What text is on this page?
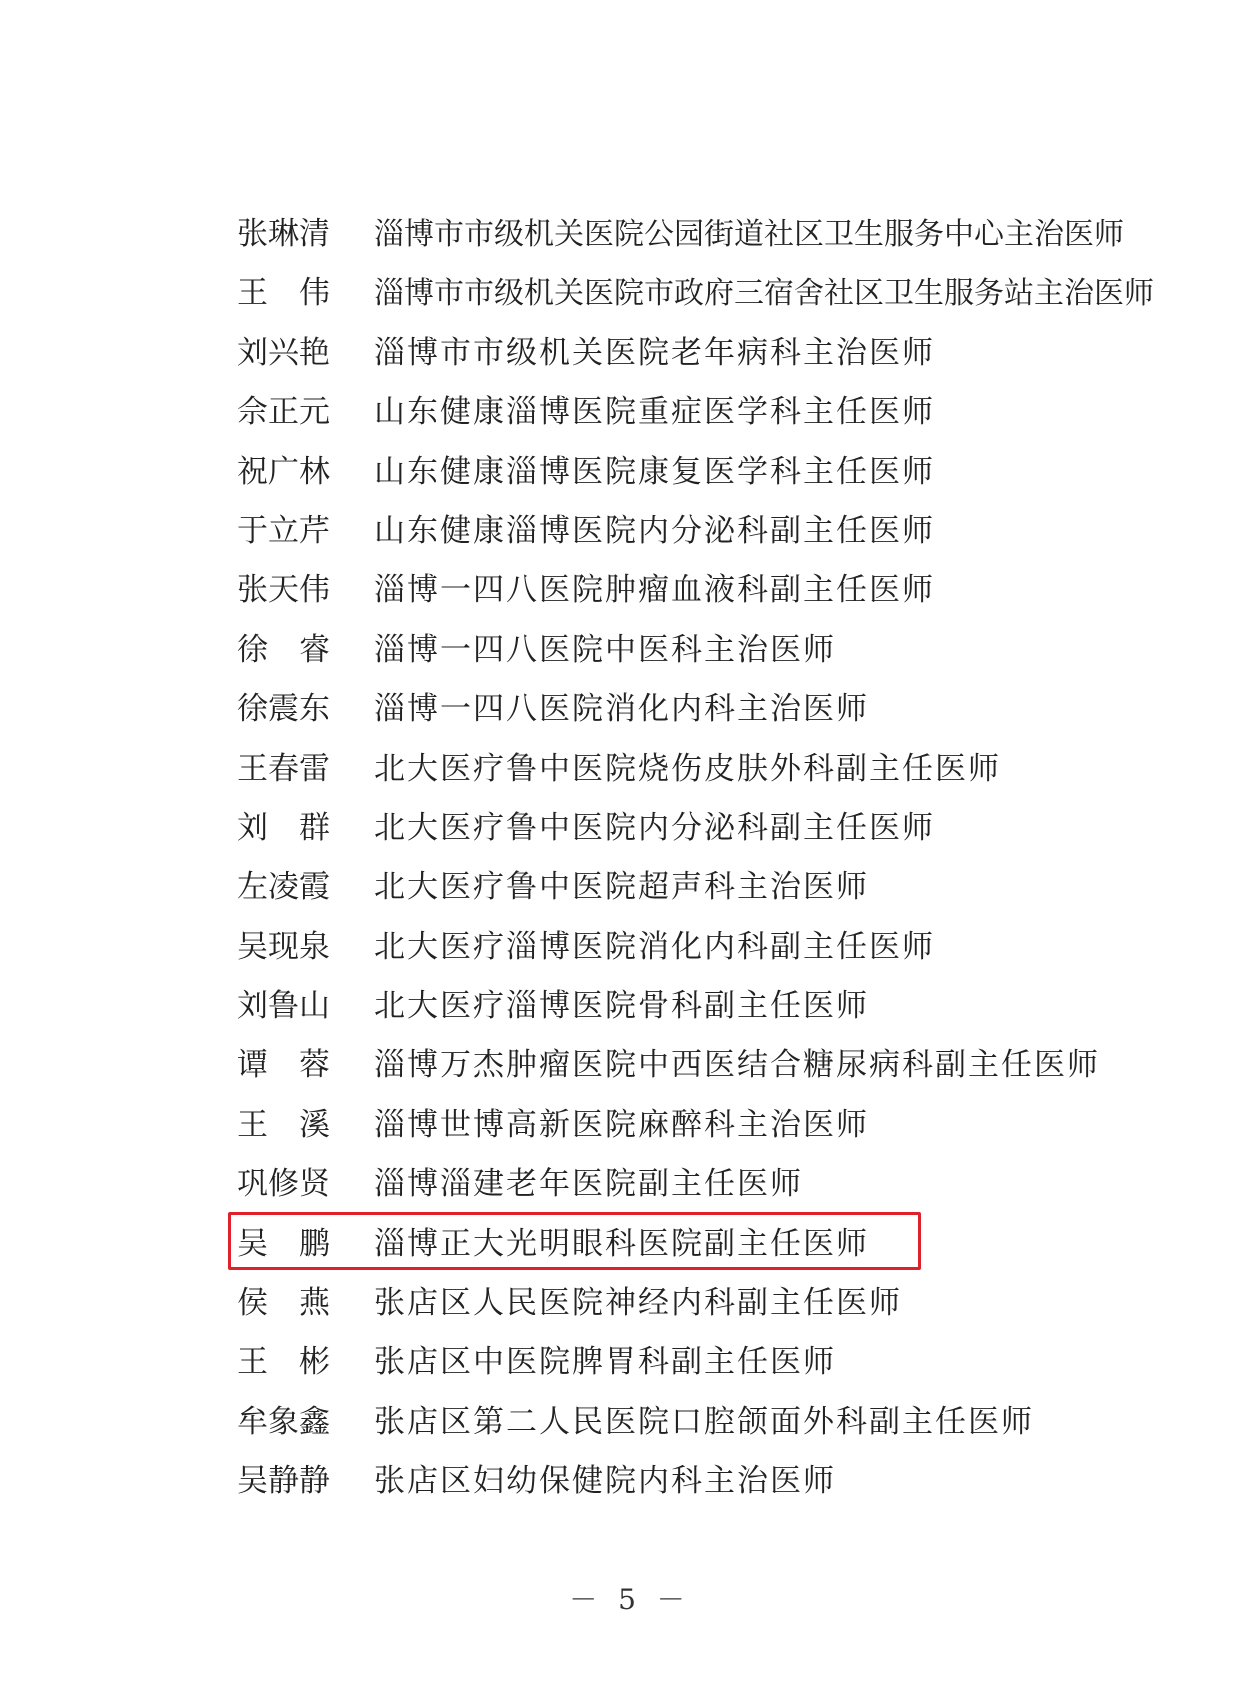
张琳清 淄博市市级机关医院公园街道社区卫生服务中心主治医师
王　伟 淄博市市级机关医院市政府三宿舍社区卫生服务站主治医师
刘兴艳 淄博市市级机关医院老年病科主治医师
佘正元 山东健康淄博医院重症医学科主任医师
祝广林 山东健康淄博医院康复医学科主任医师
于立芹 山东健康淄博医院内分泌科副主任医师
张天伟 淄博一四八医院肿瘤血液科副主任医师
徐　睿 淄博一四八医院中医科主治医师
徐震东 淄博一四八医院消化内科主治医师
王春雷 北大医疗鲁中医院烧伤皮肤外科副主任医师
刘　群 北大医疗鲁中医院内分泌科副主任医师
左凌霞 北大医疗鲁中医院超声科主治医师
吴现泉 北大医疗淄博医院消化内科副主任医师
刘鲁山 北大医疗淄博医院骨科副主任医师
谭　蓉 淄博万杰肿瘤医院中西医结合糖尿病科副主任医师
王　溪 淄博世博高新医院麻醉科主治医师
巩修贤 淄博淄建老年医院副主任医师
吴　鹏 淄博正大光明眼科医院副主任医师
侯　燕 张店区人民医院神经内科副主任医师
王　彬 张店区中医院脾胃科副主任医师
牟象鑫 张店区第二人民医院口腔颌面外科副主任医师
吴静静 张店区妇幼保健院内科主治医师
－ 5 －
